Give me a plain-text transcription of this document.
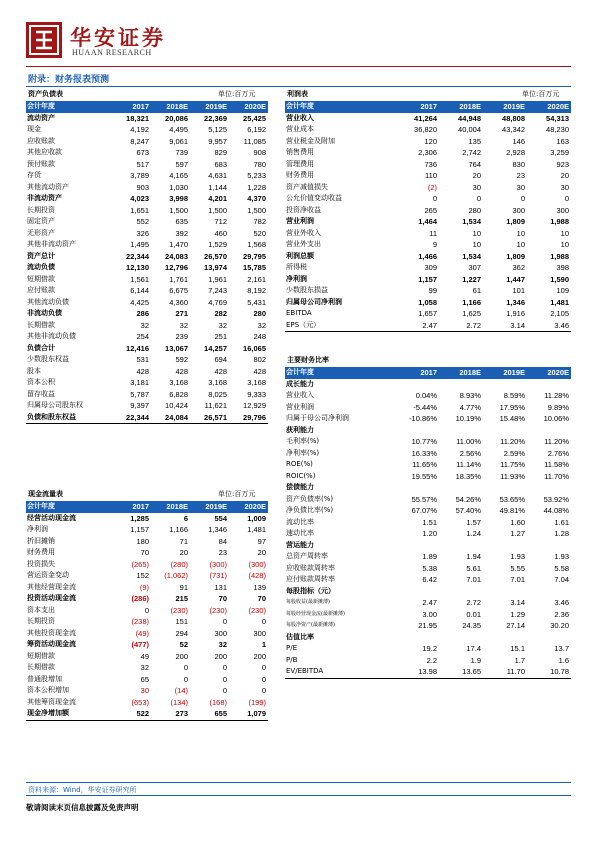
华安证券
HUAAN RESEARCH
附录：财务报表预测
资产负债表	单位:百万元
会计年度	2017	2018E	2019E	2020E
流动资产	18,321	20,086	22,369	25,425
现金	4,192	4,495	5,125	6,192
应收账款	8,247	9,061	9,957	11,085
其他应收款	673	739	829	908
预付账款	517	597	683	780
存货	3,789	4,165	4,631	5,233
其他流动资产	903	1,030	1,144	1,228
非流动资产	4,023	3,998	4,201	4,370
长期投资	1,651	1,500	1,500	1,500
固定资产	552	635	712	782
无形资产	326	392	460	520
其他非流动资产	1,495	1,470	1,529	1,568
资产总计	22,344	24,083	26,570	29,795
流动负债	12,130	12,796	13,974	15,785
短期借款	1,561	1,761	1,961	2,161
应付账款	6,144	6,675	7,243	8,192
其他流动负债	4,425	4,360	4,769	5,431
非流动负债	286	271	282	280
长期借款	32	32	32	32
其他非流动负债	254	239	251	248
负债合计	12,416	13,067	14,257	16,065
少数股东权益	531	592	694	802
股本	428	428	428	428
资本公积	3,181	3,168	3,168	3,168
留存收益	5,787	6,828	8,025	9,333
归属母公司股东权	9,397	10,424	11,621	12,929
负债和股东权益	22,344	24,084	26,571	29,796
利润表	单位:百万元
会计年度	2017	2018E	2019E	2020E
营业收入	41,264	44,948	48,808	54,313
营业成本	36,820	40,004	43,342	48,230
营业税金及附加	120	135	146	163
销售费用	2,306	2,742	2,928	3,259
管理费用	736	764	830	923
财务费用	110	20	23	20
资产减值损失	(2)	30	30	30
公允价值变动收益	0	0	0	0
投资净收益	265	280	300	300
营业利润	1,464	1,534	1,809	1,988
营业外收入	11	10	10	10
营业外支出	9	10	10	10
利润总额	1,466	1,534	1,809	1,988
所得税	309	307	362	398
净利润	1,157	1,227	1,447	1,590
少数股东损益	99	61	101	109
归属母公司净利润	1,058	1,166	1,346	1,481
EBITDA	1,657	1,625	1,916	2,105
EPS（元）	2.47	2.72	3.14	3.46
主要财务比率
会计年度	2017	2018E	2019E	2020E
成长能力				
营业收入	0.04%	8.93%	8.59%	11.28%
营业利润	-5.44%	4.77%	17.95%	9.89%
归属于母公司净利润	-10.86%	10.19%	15.48%	10.06%
获利能力				
毛利率(%)	10.77%	11.00%	11.20%	11.20%
净利率(%)	16.33%	2.56%	2.59%	2.76%
ROE(%)	11.65%	11.14%	11.75%	11.58%
ROIC(%)	19.55%	18.35%	11.93%	11.70%
偿债能力				
资产负债率(%)	55.57%	54.26%	53.65%	53.92%
净负债比率(%)	67.07%	57.40%	49.81%	44.08%
流动比率	1.51	1.57	1.60	1.61
速动比率	1.20	1.24	1.27	1.28
营运能力				
总资产周转率	1.89	1.94	1.93	1.93
应收账款周转率	5.38	5.61	5.55	5.58
应付账款周转率	6.42	7.01	7.01	7.04
每股指标（元）				
每股收益(最新摊薄)	2.47	2.72	3.14	3.46
每股经营现金流(最新摊薄)	3.00	0.01	1.29	2.36
每股净资产(最新摊薄)	21.95	24.35	27.14	30.20
估值比率				
P/E	19.2	17.4	15.1	13.7
P/B	2.2	1.9	1.7	1.6
EV/EBITDA	13.98	13.65	11.70	10.78
现金流量表	单位:百万元
会计年度	2017	2018E	2019E	2020E
经营活动现金流	1,285	6	554	1,009
净利润	1,157	1,166	1,346	1,481
折旧摊销	180	71	84	97
财务费用	70	20	23	20
投资损失	(265)	(280)	(300)	(300)
营运资金变动	152	(1,062)	(731)	(428)
其他经营现金流	(9)	91	131	139
投资活动现金流	(286)	215	70	70
资本支出	0	(230)	(230)	(230)
长期投资	(238)	151	0	0
其他投资现金流	(49)	294	300	300
筹资活动现金流	(477)	52	32	1
短期借款	49	200	200	200
长期借款	32	0	0	0
普通股增加	65	0	0	0
资本公积增加	30	(14)	0	0
其他筹资现金流	(653)	(134)	(168)	(199)
现金净增加额	522	273	655	1,079
资料来源：Wind，华安证券研究所
敬请阅读末页信息披露及免责声明
